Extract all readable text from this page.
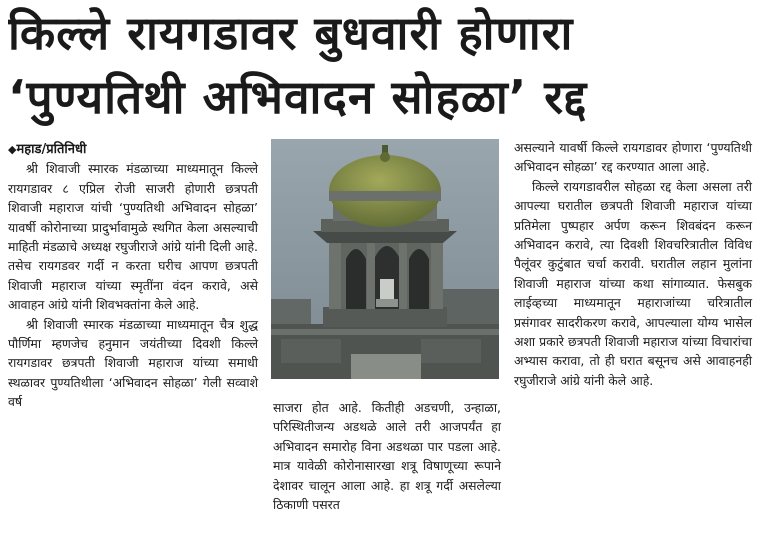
किल्ले रायगडावर बुधवारी होणारा
‘पुण्यतिथी अभिवादन सोहळा’ रद्द

◆महाड/प्रतिनिधी

श्री शिवाजी स्मारक मंडळाच्या माध्यमातून किल्ले रायगडावर ८ एप्रिल रोजी साजरी होणारी छत्रपती शिवाजी महाराज यांची ‘पुण्यतिथी अभिवादन सोहळा’ यावर्षी कोरोनाच्या प्रादुर्भावामुळे स्थगित केला असल्याची माहिती मंडळाचे अध्यक्ष रघुजीराजे आंग्रे यांनी दिली आहे. तसेच रायगडवर गर्दी न करता घरीच आपण छत्रपती शिवाजी महाराज यांच्या स्मृतींना वंदन करावे, असे आवाहन आंग्रे यांनी शिवभक्तांना केले आहे.

श्री शिवाजी स्मारक मंडळाच्या माध्यमातून चैत्र शुद्ध पौर्णिमा म्हणजेच हनुमान जयंतीच्या दिवशी किल्ले रायगडावर छत्रपती शिवाजी महाराज यांच्या समाधी स्थळावर पुण्यतिथीला ‘अभिवादन सोहळा’ गेली सव्वाशे वर्ष	साजरा होत आहे. कितीही अडचणी, उन्हाळा, परिस्थितीजन्य अडथळे आले तरी आजपर्यंत हा अभिवादन समारोह विना अडथळा पार पडला आहे. मात्र यावेळी कोरोनासारखा शत्रू विषाणूच्या रूपाने देशावर चालून आला आहे. हा शत्रू गर्दी असलेल्या ठिकाणी पसरत

असल्याने यावर्षी किल्ले रायगडावर होणारा ‘पुण्यतिथी अभिवादन सोहळा’ रद्द करण्यात आला आहे.

किल्ले रायगडावरील सोहळा रद्द केला असला तरी आपल्या घरातील छत्रपती शिवाजी महाराज यांच्या प्रतिमेला पुष्पहार अर्पण करून शिवबंदन करून अभिवादन करावे, त्या दिवशी शिवचरित्रातील विविध पैलूंवर कुटुंबात चर्चा करावी. घरातील लहान मुलांना शिवाजी महाराज यांच्या कथा सांगाव्यात. फेसबुक लाईव्हच्या माध्यमातून महाराजांच्या चरित्रातील प्रसंगावर सादरीकरण करावे, आपल्याला योग्य भासेल अशा प्रकारे छत्रपती शिवाजी महाराज यांच्या विचारांचा अभ्यास करावा, तो ही घरात बसूनच असे आवाहनही रघुजीराजे आंग्रे यांनी केले आहे.
